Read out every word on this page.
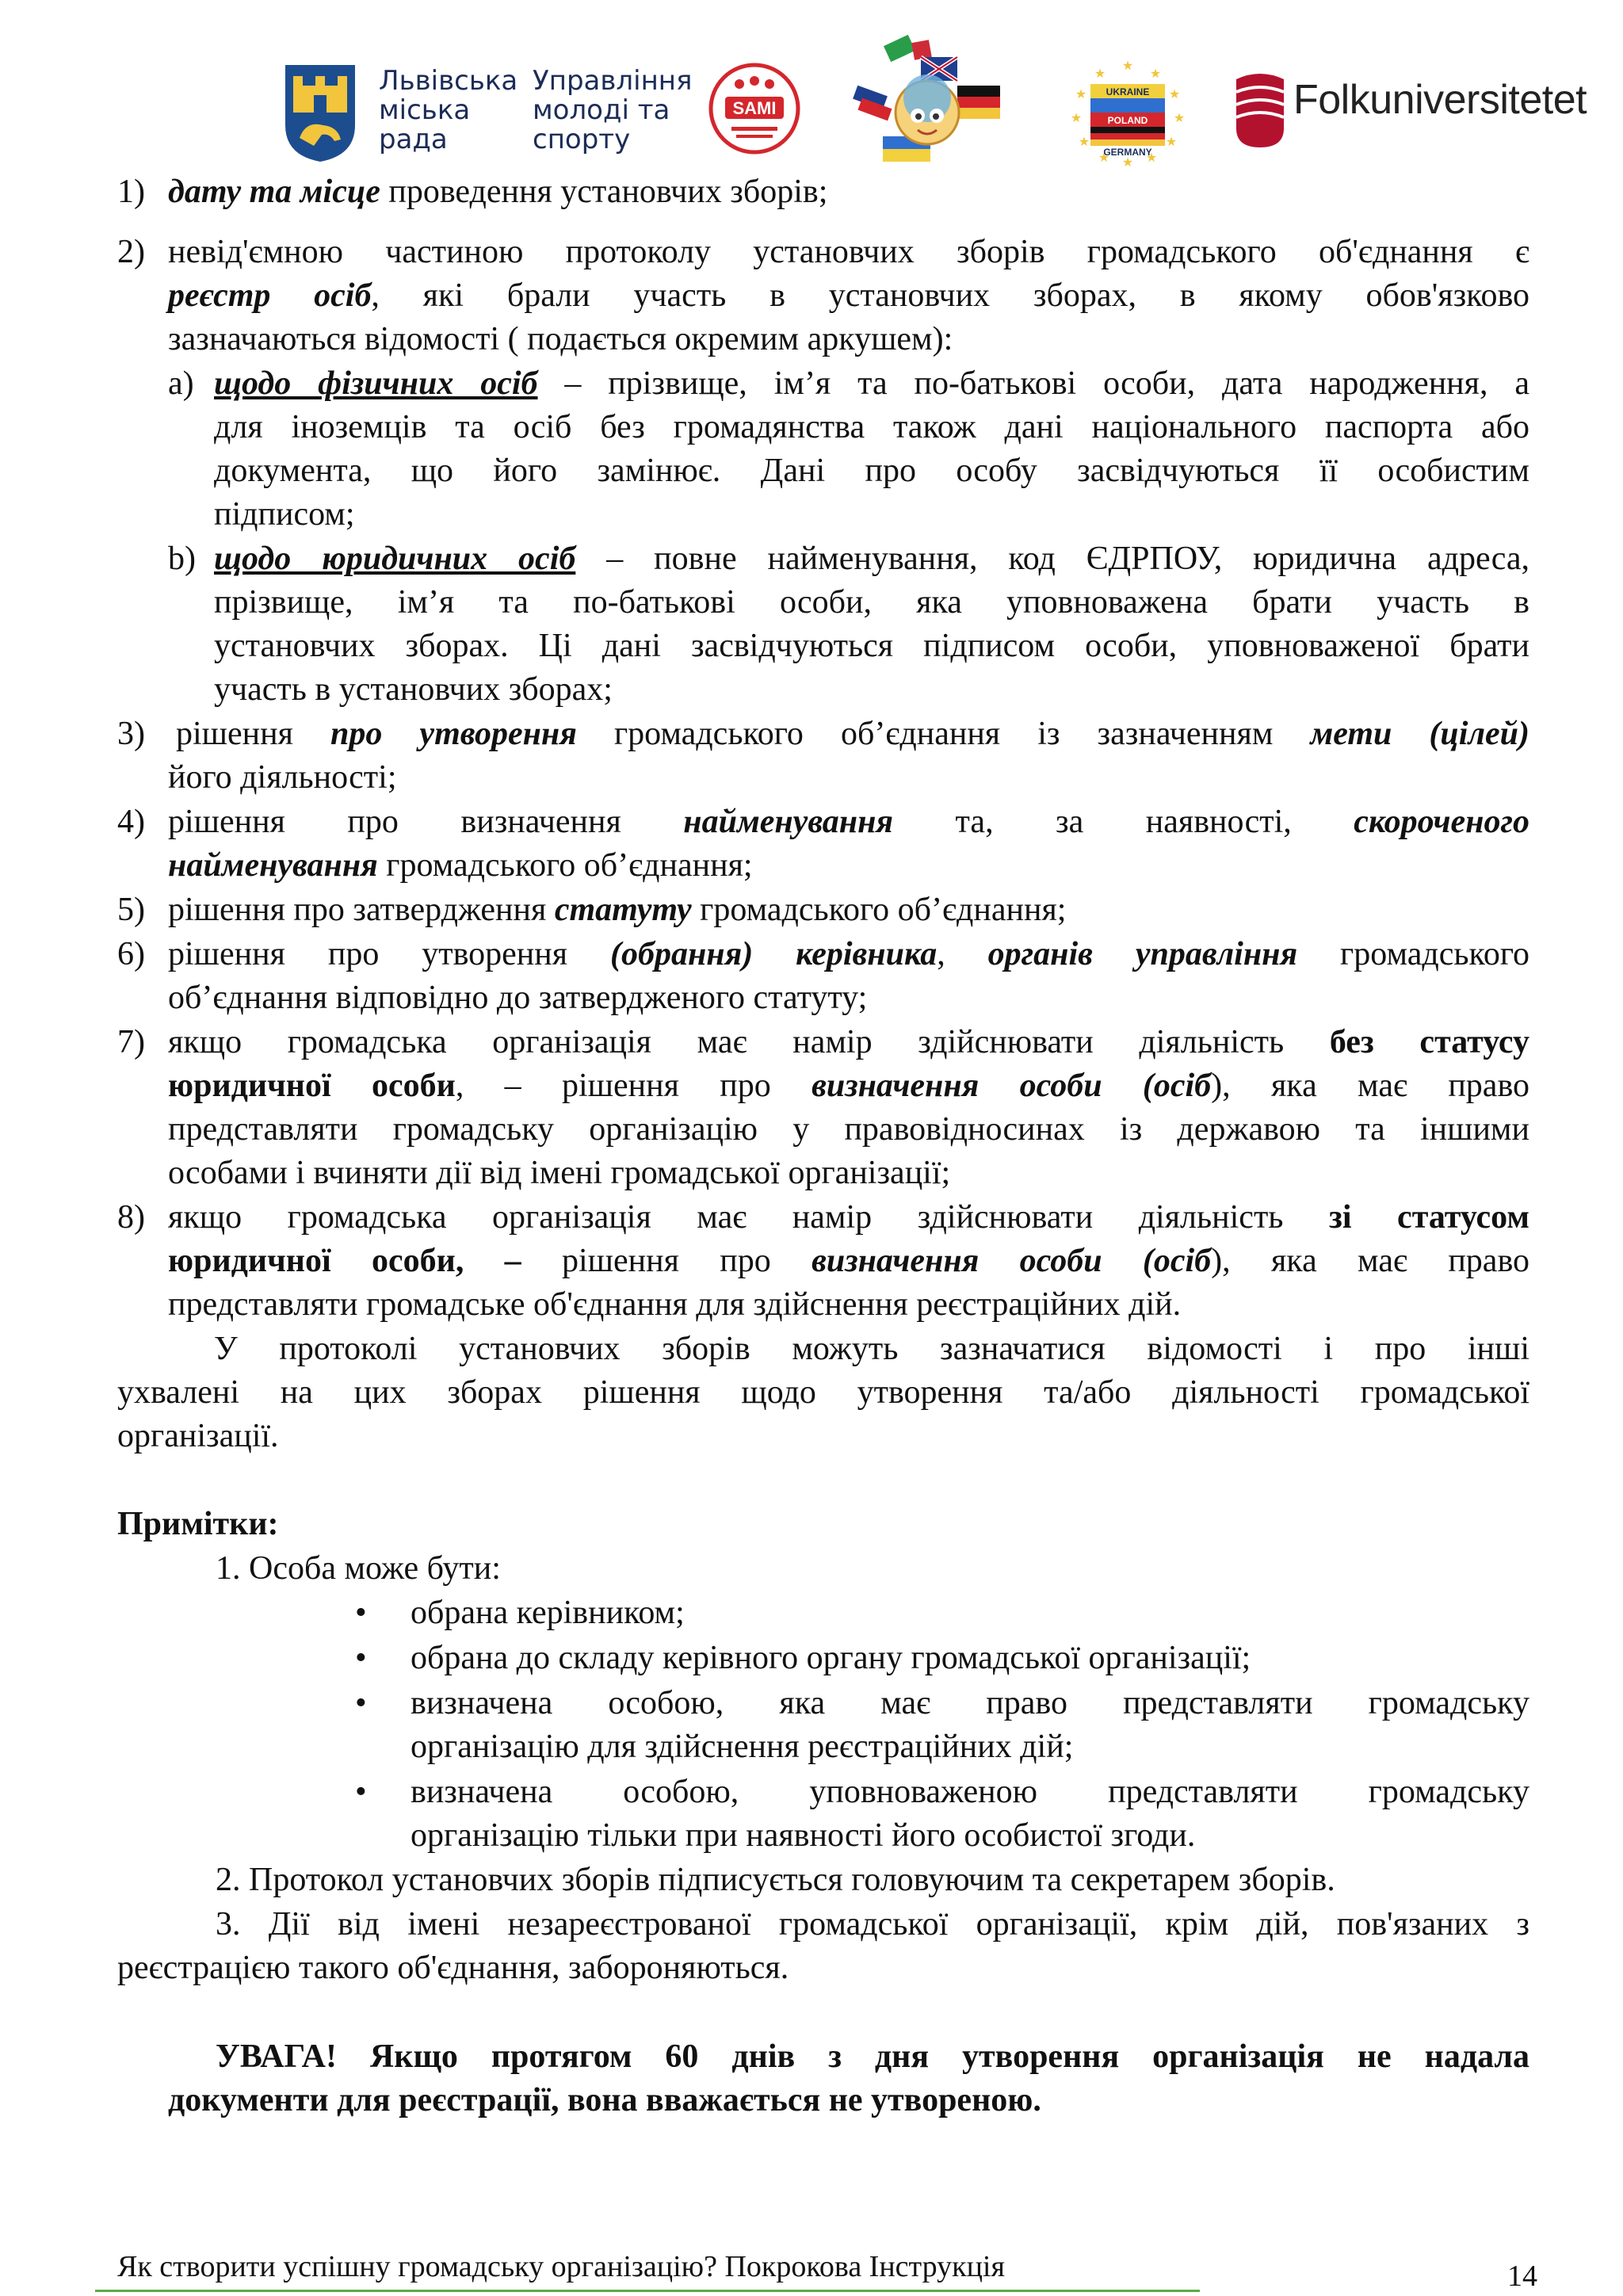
Львівська
міська
рада
Управління
молоді та
спорту
SAMI
★
★
★
★
★
★
★
★
★
★
★
★
UKRAINE
POLAND
GERMANY
Folkuniversitetet

1) дату та місце проведення установчих зборів;

2) невід'ємною частиною протоколу установчих зборів громадського об'єднання є

реєстр осіб, які брали участь в установчих зборах, в якому обов'язково

зазначаються відомості ( подається окремим аркушем):

a) щодо фізичних осіб – прізвище, ім’я та по-батькові особи, дата народження, а

для іноземців та осіб без громадянства також дані національного паспорта або

документа, що його замінює. Дані про особу засвідчуються її особистим

підписом;

b) щодо юридичних осіб – повне найменування, код ЄДРПОУ, юридична адреса,

прізвище, ім’я та по-батькові особи, яка уповноважена брати участь в

установчих зборах. Ці дані засвідчуються підписом особи, уповноваженої брати

участь в установчих зборах;

3) рішення про утворення громадського об’єднання із зазначенням мети (цілей)

його діяльності;

4) рішення про визначення найменування та, за наявності, скороченого

найменування громадського об’єднання;

5) рішення про затвердження статуту громадського об’єднання;

6) рішення про утворення (обрання) керівника, органів управління громадського

об’єднання відповідно до затвердженого статуту;

7) якщо громадська організація має намір здійснювати діяльність без статусу

юридичної особи, – рішення про визначення особи (осіб), яка має право

представляти громадську організацію у правовідносинах із державою та іншими

особами і вчиняти дії від імені громадської організації;

8) якщо громадська організація має намір здійснювати діяльність зі статусом

юридичної особи, – рішення про визначення особи (осіб), яка має право

представляти громадське об'єднання для здійснення реєстраційних дій.

У протоколі установчих зборів можуть зазначатися відомості і про інші

ухвалені на цих зборах рішення щодо утворення та/або діяльності громадської

організації.

Примітки:

1. Особа може бути:

• обрана керівником;

• обрана до складу керівного органу громадської організації;

• визначена особою, яка має право представляти громадську

організацію для здійснення реєстраційних дій;

• визначена особою, уповноваженою представляти громадську

організацію тільки при наявності його особистої згоди.

2. Протокол установчих зборів підписується головуючим та секретарем зборів.

3. Дії від імені незареєстрованої громадської організації, крім дій, пов'язаних з

реєстрацією такого об'єднання, забороняються.

УВАГА! Якщо протягом 60 днів з дня утворення організація не надала

документи для реєстрації, вона вважається не утвореною.

Як створити успішну громадську організацію? Покрокова Інструкція	14
